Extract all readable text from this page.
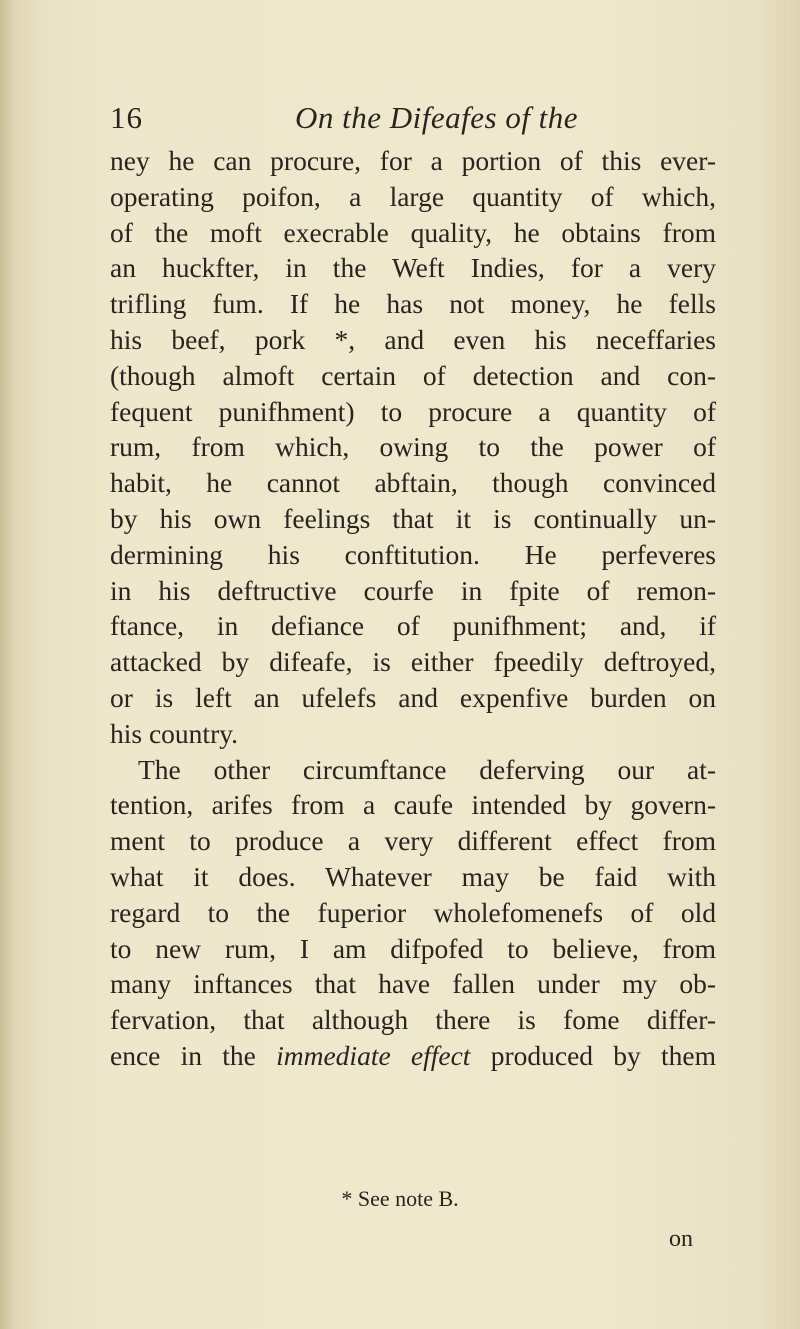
16	On the Difeafes of the
ney he can procure, for a portion of this ever-
operating poifon, a large quantity of which,
of the moft execrable quality, he obtains from
an huckfter, in the Weft Indies, for a very
trifling fum. If he has not money, he fells
his beef, pork *, and even his neceffaries
(though almoft certain of detection and con-
fequent punifhment) to procure a quantity of
rum, from which, owing to the power of
habit, he cannot abftain, though convinced
by his own feelings that it is continually un-
dermining his conftitution. He perfeveres
in his deftructive courfe in fpite of remon-
ftance, in defiance of punifhment; and, if
attacked by difeafe, is either fpeedily deftroyed,
or is left an ufelefs and expenfive burden on
his country.
The other circumftance deferving our at-
tention, arifes from a caufe intended by govern-
ment to produce a very different effect from
what it does. Whatever may be faid with
regard to the fuperior wholefomenefs of old
to new rum, I am difpofed to believe, from
many inftances that have fallen under my ob-
fervation, that although there is fome differ-
ence in the immediate effect produced by them
* See note B.
on
